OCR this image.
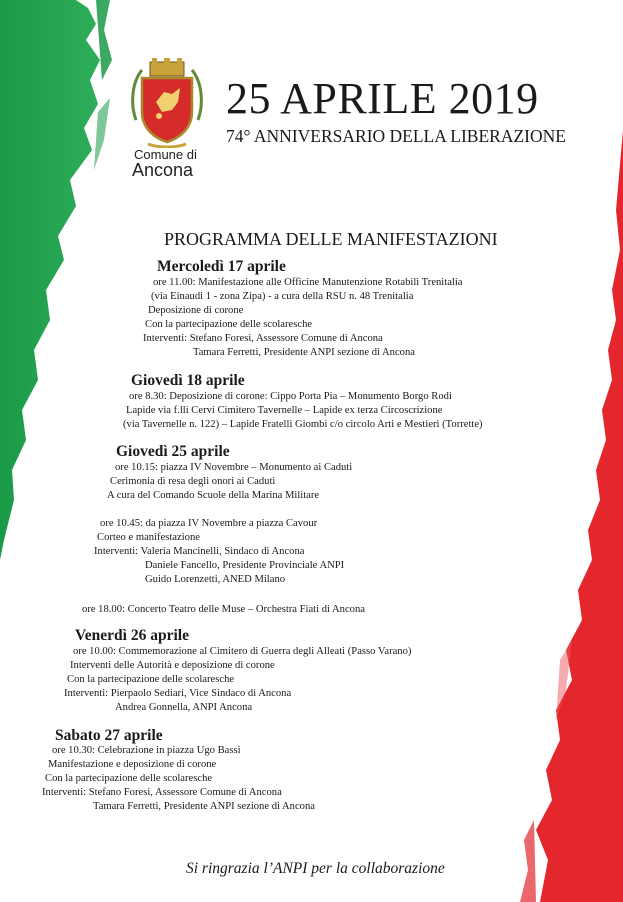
Comune di
Ancona
25 APRILE 2019
74° ANNIVERSARIO DELLA LIBERAZIONE
PROGRAMMA DELLE MANIFESTAZIONI
Mercoledì 17 aprile
ore 11.00: Manifestazione alle Officine Manutenzione Rotabili Trenitalia
(via Einaudi 1 - zona Zipa) - a cura della RSU n. 48 Trenitalia
Deposizione di corone
Con la partecipazione delle scolaresche
Interventi: Stefano Foresi, Assessore Comune di Ancona
Tamara Ferretti, Presidente ANPI sezione di Ancona
Giovedì 18 aprile
ore 8.30: Deposizione di corone: Cippo Porta Pia – Monumento Borgo Rodi
Lapide via f.lli Cervi Cimitero Tavernelle – Lapide ex terza Circoscrizione
(via Tavernelle n. 122) – Lapide Fratelli Giombi c/o circolo Arti e Mestieri (Torrette)
Giovedì 25 aprile
ore 10.15: piazza IV Novembre – Monumento ai Caduti
Cerimonia di resa degli onori ai Caduti
A cura del Comando Scuole della Marina Militare
ore 10.45: da piazza IV Novembre a piazza Cavour
Corteo e manifestazione
Interventi: Valeria Mancinelli, Sindaco di Ancona
Daniele Fancello, Presidente Provinciale ANPI
Guido Lorenzetti, ANED Milano
ore 18.00: Concerto Teatro delle Muse – Orchestra Fiati di Ancona
Venerdì 26 aprile
ore 10.00: Commemorazione al Cimitero di Guerra degli Alleati (Passo Varano)
Interventi delle Autorità e deposizione di corone
Con la partecipazione delle scolaresche
Interventi: Pierpaolo Sediari, Vice Sindaco di Ancona
Andrea Gonnella, ANPI Ancona
Sabato 27 aprile
ore 10.30: Celebrazione in piazza Ugo Bassi
Manifestazione e deposizione di corone
Con la partecipazione delle scolaresche
Interventi: Stefano Foresi, Assessore Comune di Ancona
Tamara Ferretti, Presidente ANPI sezione di Ancona
Si ringrazia l’ANPI per la collaborazione
©ck
